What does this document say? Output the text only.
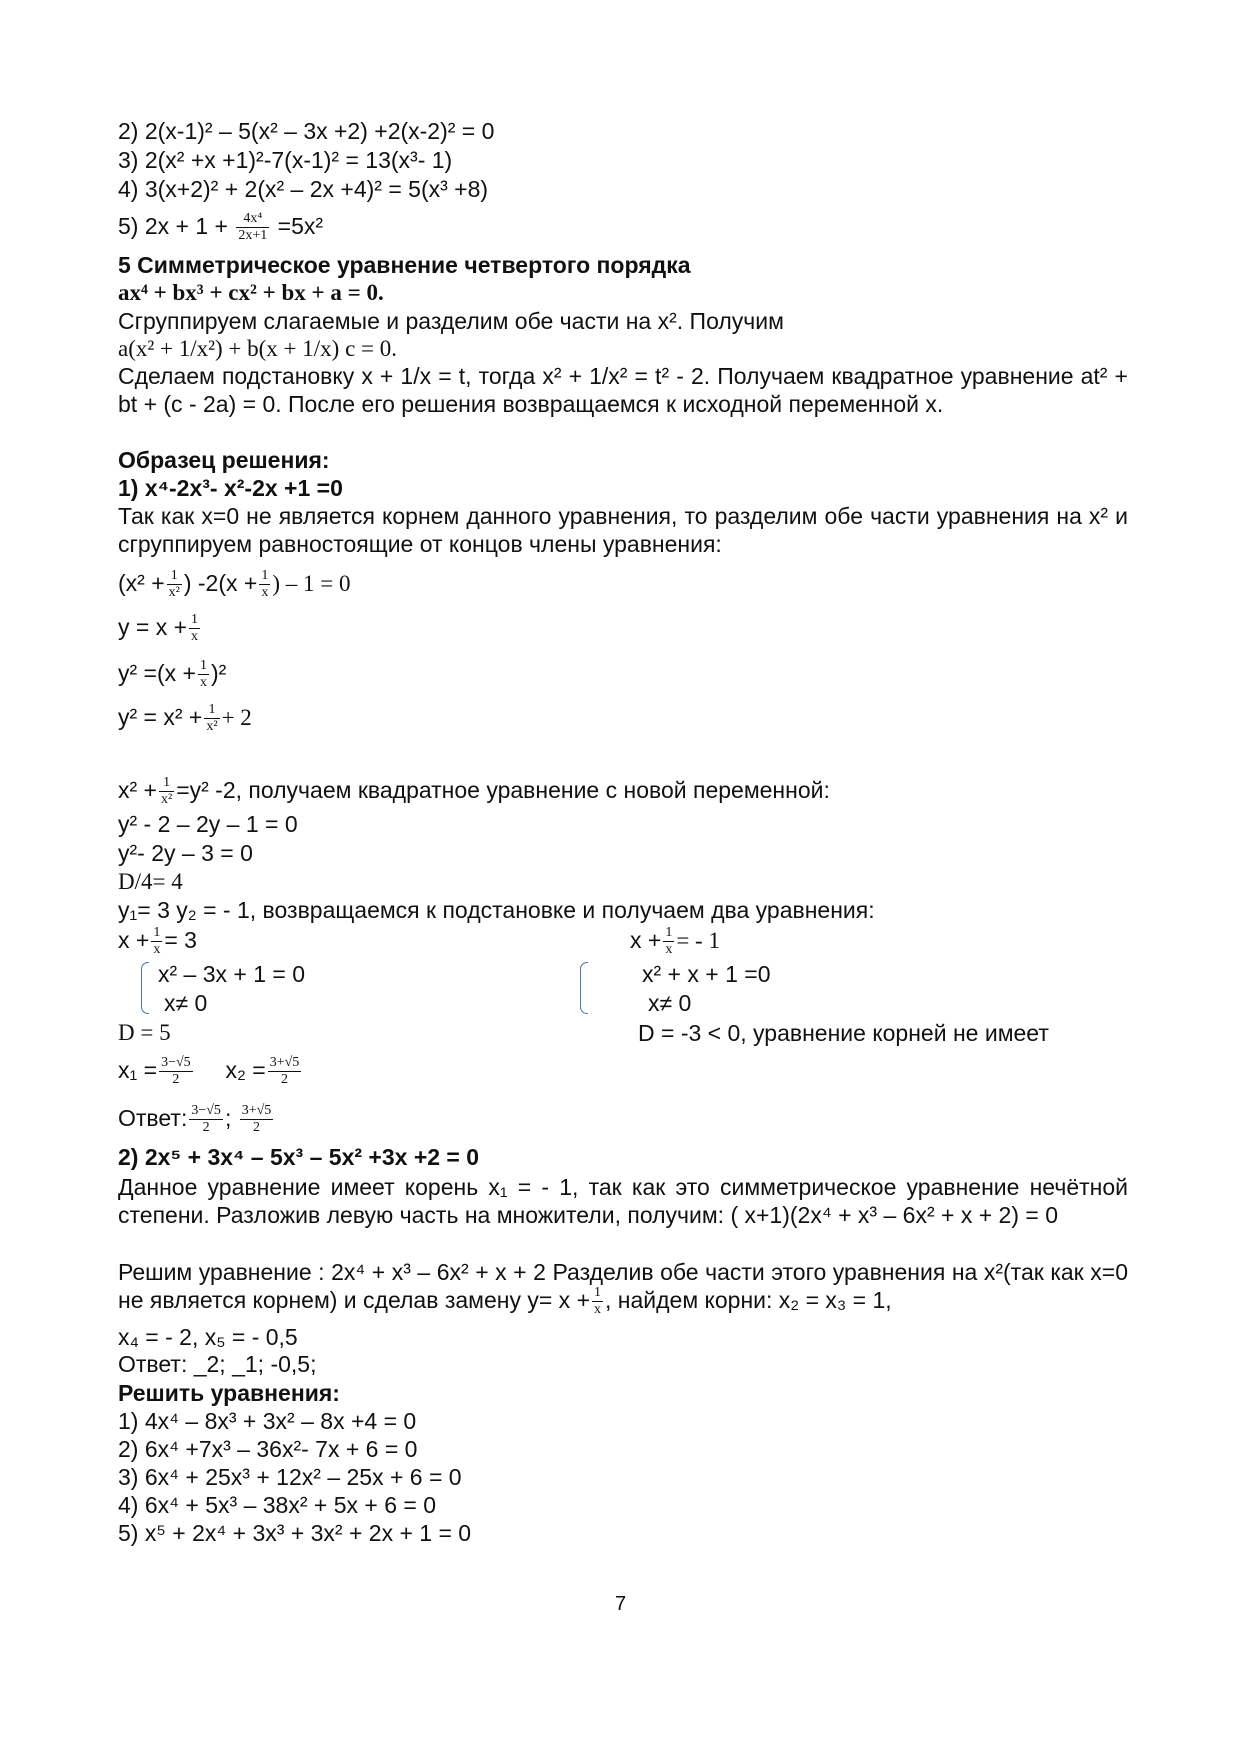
2) 2(x-1)² – 5(x² – 3x +2) +2(x-2)² = 0
3) 2(x² +x +1)²-7(x-1)² = 13(x³- 1)
4) 3(x+2)² + 2(x² – 2x +4)² = 5(x³ +8)
5) $2x + 1 + \frac{\text{4x⁴}}{2x+1} =5x^2$
5 Симметрическое уравнение четвертого порядка
ax⁴ + bx³ + cx² + bx + a = 0.
Сгруппируем слагаемые и разделим обе части на x². Получим
a(x² + 1/x²) + b(x + 1/x) c = 0.
Сделаем подстановку x + 1/x = t, тогда x² + 1/x² = t² - 2. Получаем квадратное уравнение at² + bt + (c - 2a) = 0. После его решения возвращаемся к исходной переменной x.
Образец решения:
1) x⁴-2x³- x²-2x +1 =0
Так как x=0 не является корнем данного уравнения, то разделим обе части уравнения на x² и сгруппируем равностоящие от концов члены уравнения:
($x^2 + \frac{1}{\text{x²}}$ ) $-2(x + \frac{1}{x}$ ) – 1 = 0
$y = x + \frac{1}{x}$
$y^2 =(x + \frac{1}{x} )^2$
$y^2 = x^2 + \frac{1}{\text{x²}} + 2$
$x^2 + \frac{1}{\text{x²}} =y^2$ -2, получаем квадратное уравнение с новой переменной:
y² - 2 – 2y – 1 = 0
y²- 2y – 3 = 0
D/4= 4
y₁= 3 y₂ = - 1, возвращаемся к подстановке и получаем два уравнения:
$x + \frac{1}{x} = 3$
x² – 3x + 1 = 0
x≠ 0
D = 5
$x + \frac{1}{x}$ = - 1
x² + x + 1 =0
x≠ 0
D = -3 < 0, уравнение корней не имеет
$x_1 = \frac{3-√5}{2} x_2 = \frac{3+√5}{2}$
Ответ: $\frac{3-√5}{2}$ ; $\frac{3+√5}{2}$
2) 2x⁵ + 3x⁴ – 5x³ – 5x² +3x +2 = 0
Данное уравнение имеет корень x₁ = - 1, так как это симметрическое уравнение нечётной степени. Разложив левую часть на множители, получим: ( x+1)(2x⁴ + x³ – 6x² + x + 2) = 0
Решим уравнение : 2x⁴ + x³ – 6x² + x + 2 Разделив обе части этого уравнения на x²(так как x=0 не является корнем) и сделав замену $y= x + \frac{1}{x}$ , найдем корни: x₂ = x₃ = 1,
x₄ = - 2, x₅ = - 0,5
Ответ: _2; _1; -0,5;
Решить уравнения:
1) 4x⁴ – 8x³ + 3x² – 8x +4 = 0
2) 6x⁴ +7x³ – 36x²- 7x + 6 = 0
3) 6x⁴ + 25x³ + 12x² – 25x + 6 = 0
4) 6x⁴ + 5x³ – 38x² + 5x + 6 = 0
5) x⁵ + 2x⁴ + 3x³ + 3x² + 2x + 1 = 0
7
